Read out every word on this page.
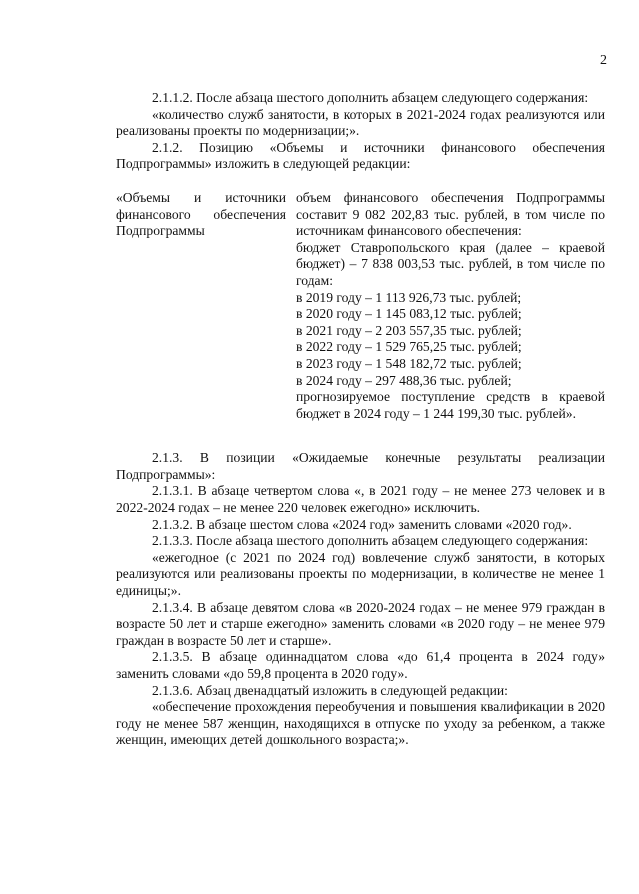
2

2.1.1.2. После абзаца шестого дополнить абзацем следующего содержания:

«количество служб занятости, в которых в 2021-2024 годах реализуются или реализованы проекты по модернизации;».

2.1.2. Позицию «Объемы и источники финансового обеспечения Подпрограммы» изложить в следующей редакции:

«Объемы и источники финансового обеспечения Подпрограммы
объем финансового обеспечения Подпрограммы составит 9 082 202,83 тыс. рублей, в том числе по источникам финансового обеспечения:
бюджет Ставропольского края (далее – краевой бюджет) – 7 838 003,53 тыс. рублей, в том числе по годам:
в 2019 году – 1 113 926,73 тыс. рублей;
в 2020 году – 1 145 083,12 тыс. рублей;
в 2021 году – 2 203 557,35 тыс. рублей;
в 2022 году – 1 529 765,25 тыс. рублей;
в 2023 году – 1 548 182,72 тыс. рублей;
в 2024 году – 297 488,36 тыс. рублей;
прогнозируемое поступление средств в краевой бюджет в 2024 году – 1 244 199,30 тыс. рублей».

2.1.3. В позиции «Ожидаемые конечные результаты реализации Подпрограммы»:

2.1.3.1. В абзаце четвертом слова «, в 2021 году – не менее 273 человек и в 2022-2024 годах – не менее 220 человек ежегодно» исключить.

2.1.3.2. В абзаце шестом слова «2024 год» заменить словами «2020 год».

2.1.3.3. После абзаца шестого дополнить абзацем следующего содержания:

«ежегодное (с 2021 по 2024 год) вовлечение служб занятости, в которых реализуются или реализованы проекты по модернизации, в количестве не менее 1 единицы;».

2.1.3.4. В абзаце девятом слова «в 2020-2024 годах – не менее 979 граждан в возрасте 50 лет и старше ежегодно» заменить словами «в 2020 году – не менее 979 граждан в возрасте 50 лет и старше».

2.1.3.5. В абзаце одиннадцатом слова «до 61,4 процента в 2024 году» заменить словами «до 59,8 процента в 2020 году».

2.1.3.6. Абзац двенадцатый изложить в следующей редакции:

«обеспечение прохождения переобучения и повышения квалификации в 2020 году не менее 587 женщин, находящихся в отпуске по уходу за ребенком, а также женщин, имеющих детей дошкольного возраста;».
